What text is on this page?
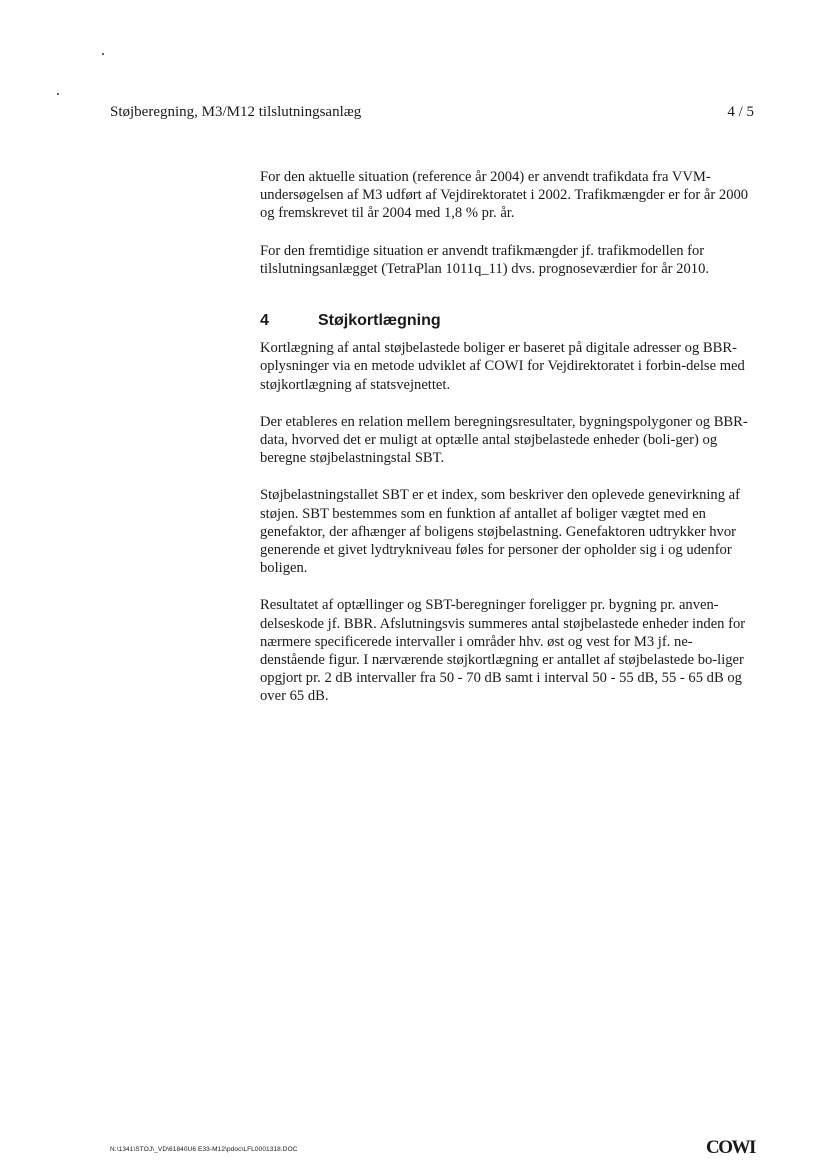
Støjberegning, M3/M12 tilslutningsanlæg	4 / 5

For den aktuelle situation (reference år 2004) er anvendt trafikdata fra VVM-undersøgelsen af M3 udført af Vejdirektoratet i 2002. Trafikmængder er for år 2000 og fremskrevet til år 2004 med 1,8 % pr. år.

For den fremtidige situation er anvendt trafikmængder jf. trafikmodellen for tilslutningsanlægget (TetraPlan 1011q_11) dvs. prognoseværdier for år 2010.

4	Støjkortlægning

Kortlægning af antal støjbelastede boliger er baseret på digitale adresser og BBR-oplysninger via en metode udviklet af COWI for Vejdirektoratet i forbin-delse med støjkortlægning af statsvejnettet.

Der etableres en relation mellem beregningsresultater, bygningspolygoner og BBR-data, hvorved det er muligt at optælle antal støjbelastede enheder (boli-ger) og beregne støjbelastningstal SBT.

Støjbelastningstallet SBT er et index, som beskriver den oplevede genevirkning af støjen. SBT bestemmes som en funktion af antallet af boliger vægtet med en genefaktor, der afhænger af boligens støjbelastning. Genefaktoren udtrykker hvor generende et givet lydtrykniveau føles for personer der opholder sig i og udenfor boligen.

Resultatet af optællinger og SBT-beregninger foreligger pr. bygning pr. anven-delseskode jf. BBR. Afslutningsvis summeres antal støjbelastede enheder inden for nærmere specificerede intervaller i områder hhv. øst og vest for M3 jf. ne-denstående figur. I nærværende støjkortlægning er antallet af støjbelastede bo-liger opgjort pr. 2 dB intervaller fra 50 - 70 dB samt i interval 50 - 55 dB, 55 - 65 dB og over 65 dB.

N:\1341\STOJ\_VD\61840U6 E33-M12\pdoc\LFL0001318.DOC	COWI
